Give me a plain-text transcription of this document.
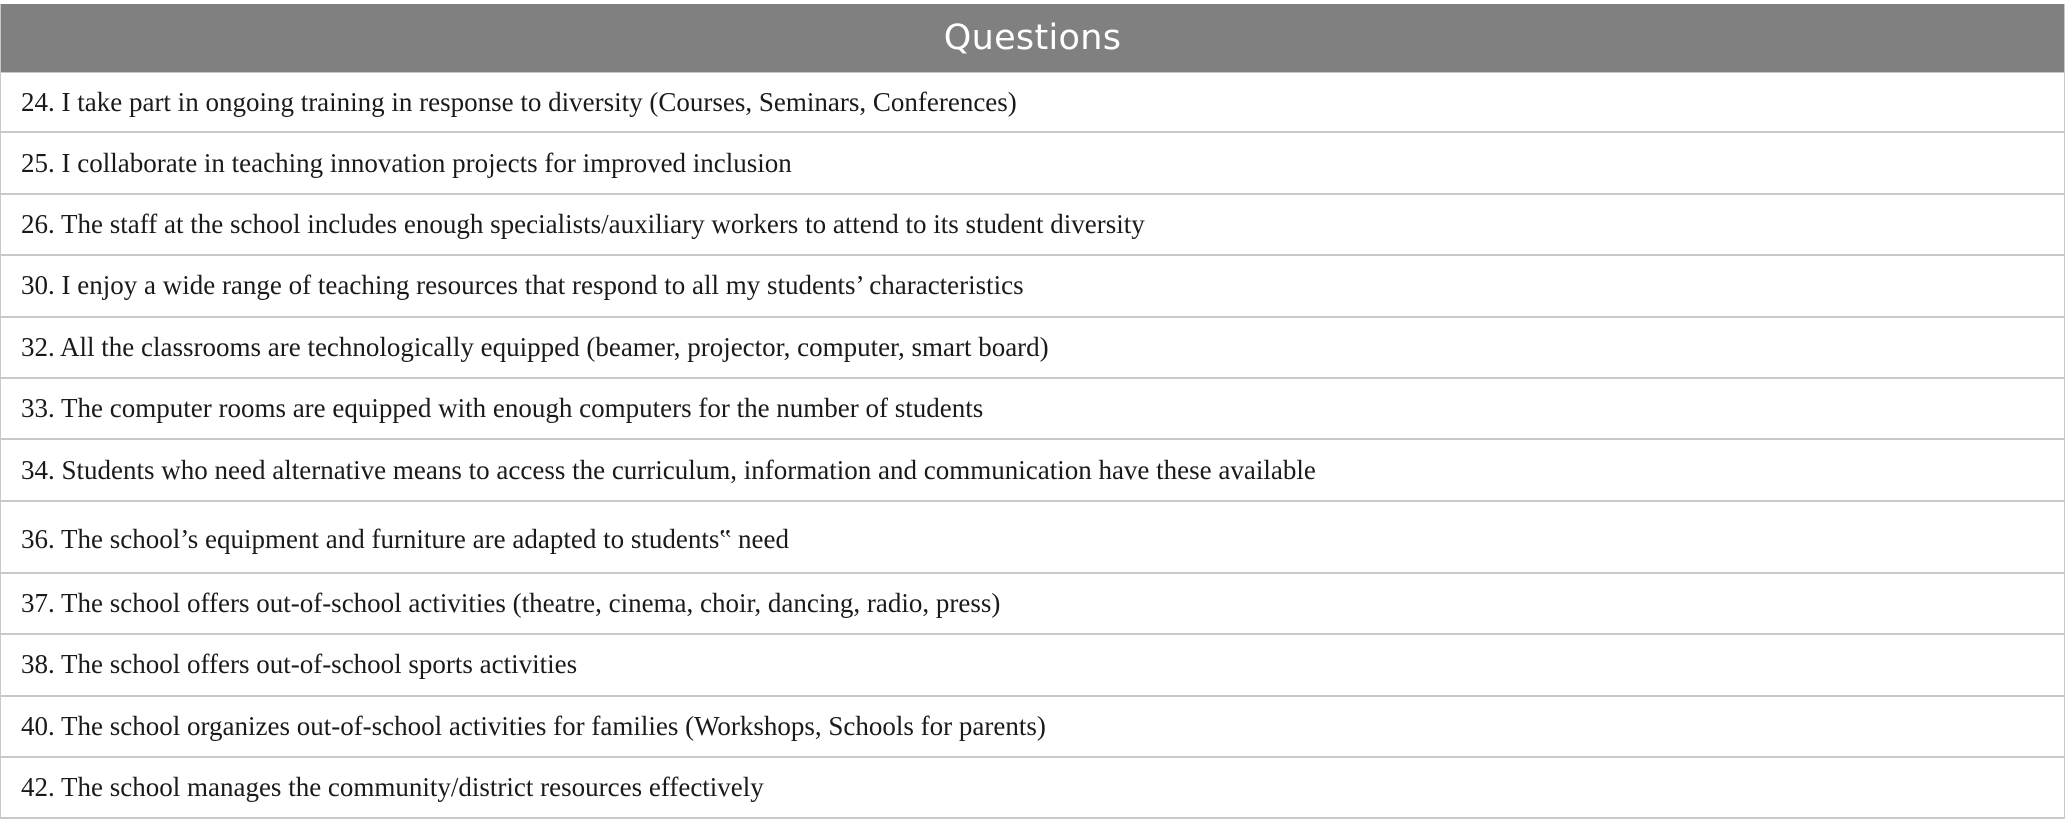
Questions
24. I take part in ongoing training in response to diversity (Courses, Seminars, Conferences)
25. I collaborate in teaching innovation projects for improved inclusion
26. The staff at the school includes enough specialists/auxiliary workers to attend to its student diversity
30. I enjoy a wide range of teaching resources that respond to all my students’ characteristics
32. All the classrooms are technologically equipped (beamer, projector, computer, smart board)
33. The computer rooms are equipped with enough computers for the number of students
34. Students who need alternative means to access the curriculum, information and communication have these available
36. The school’s equipment and furniture are adapted to students‟ need
37. The school offers out-of-school activities (theatre, cinema, choir, dancing, radio, press)
38. The school offers out-of-school sports activities
40. The school organizes out-of-school activities for families (Workshops, Schools for parents)
42. The school manages the community/district resources effectively
